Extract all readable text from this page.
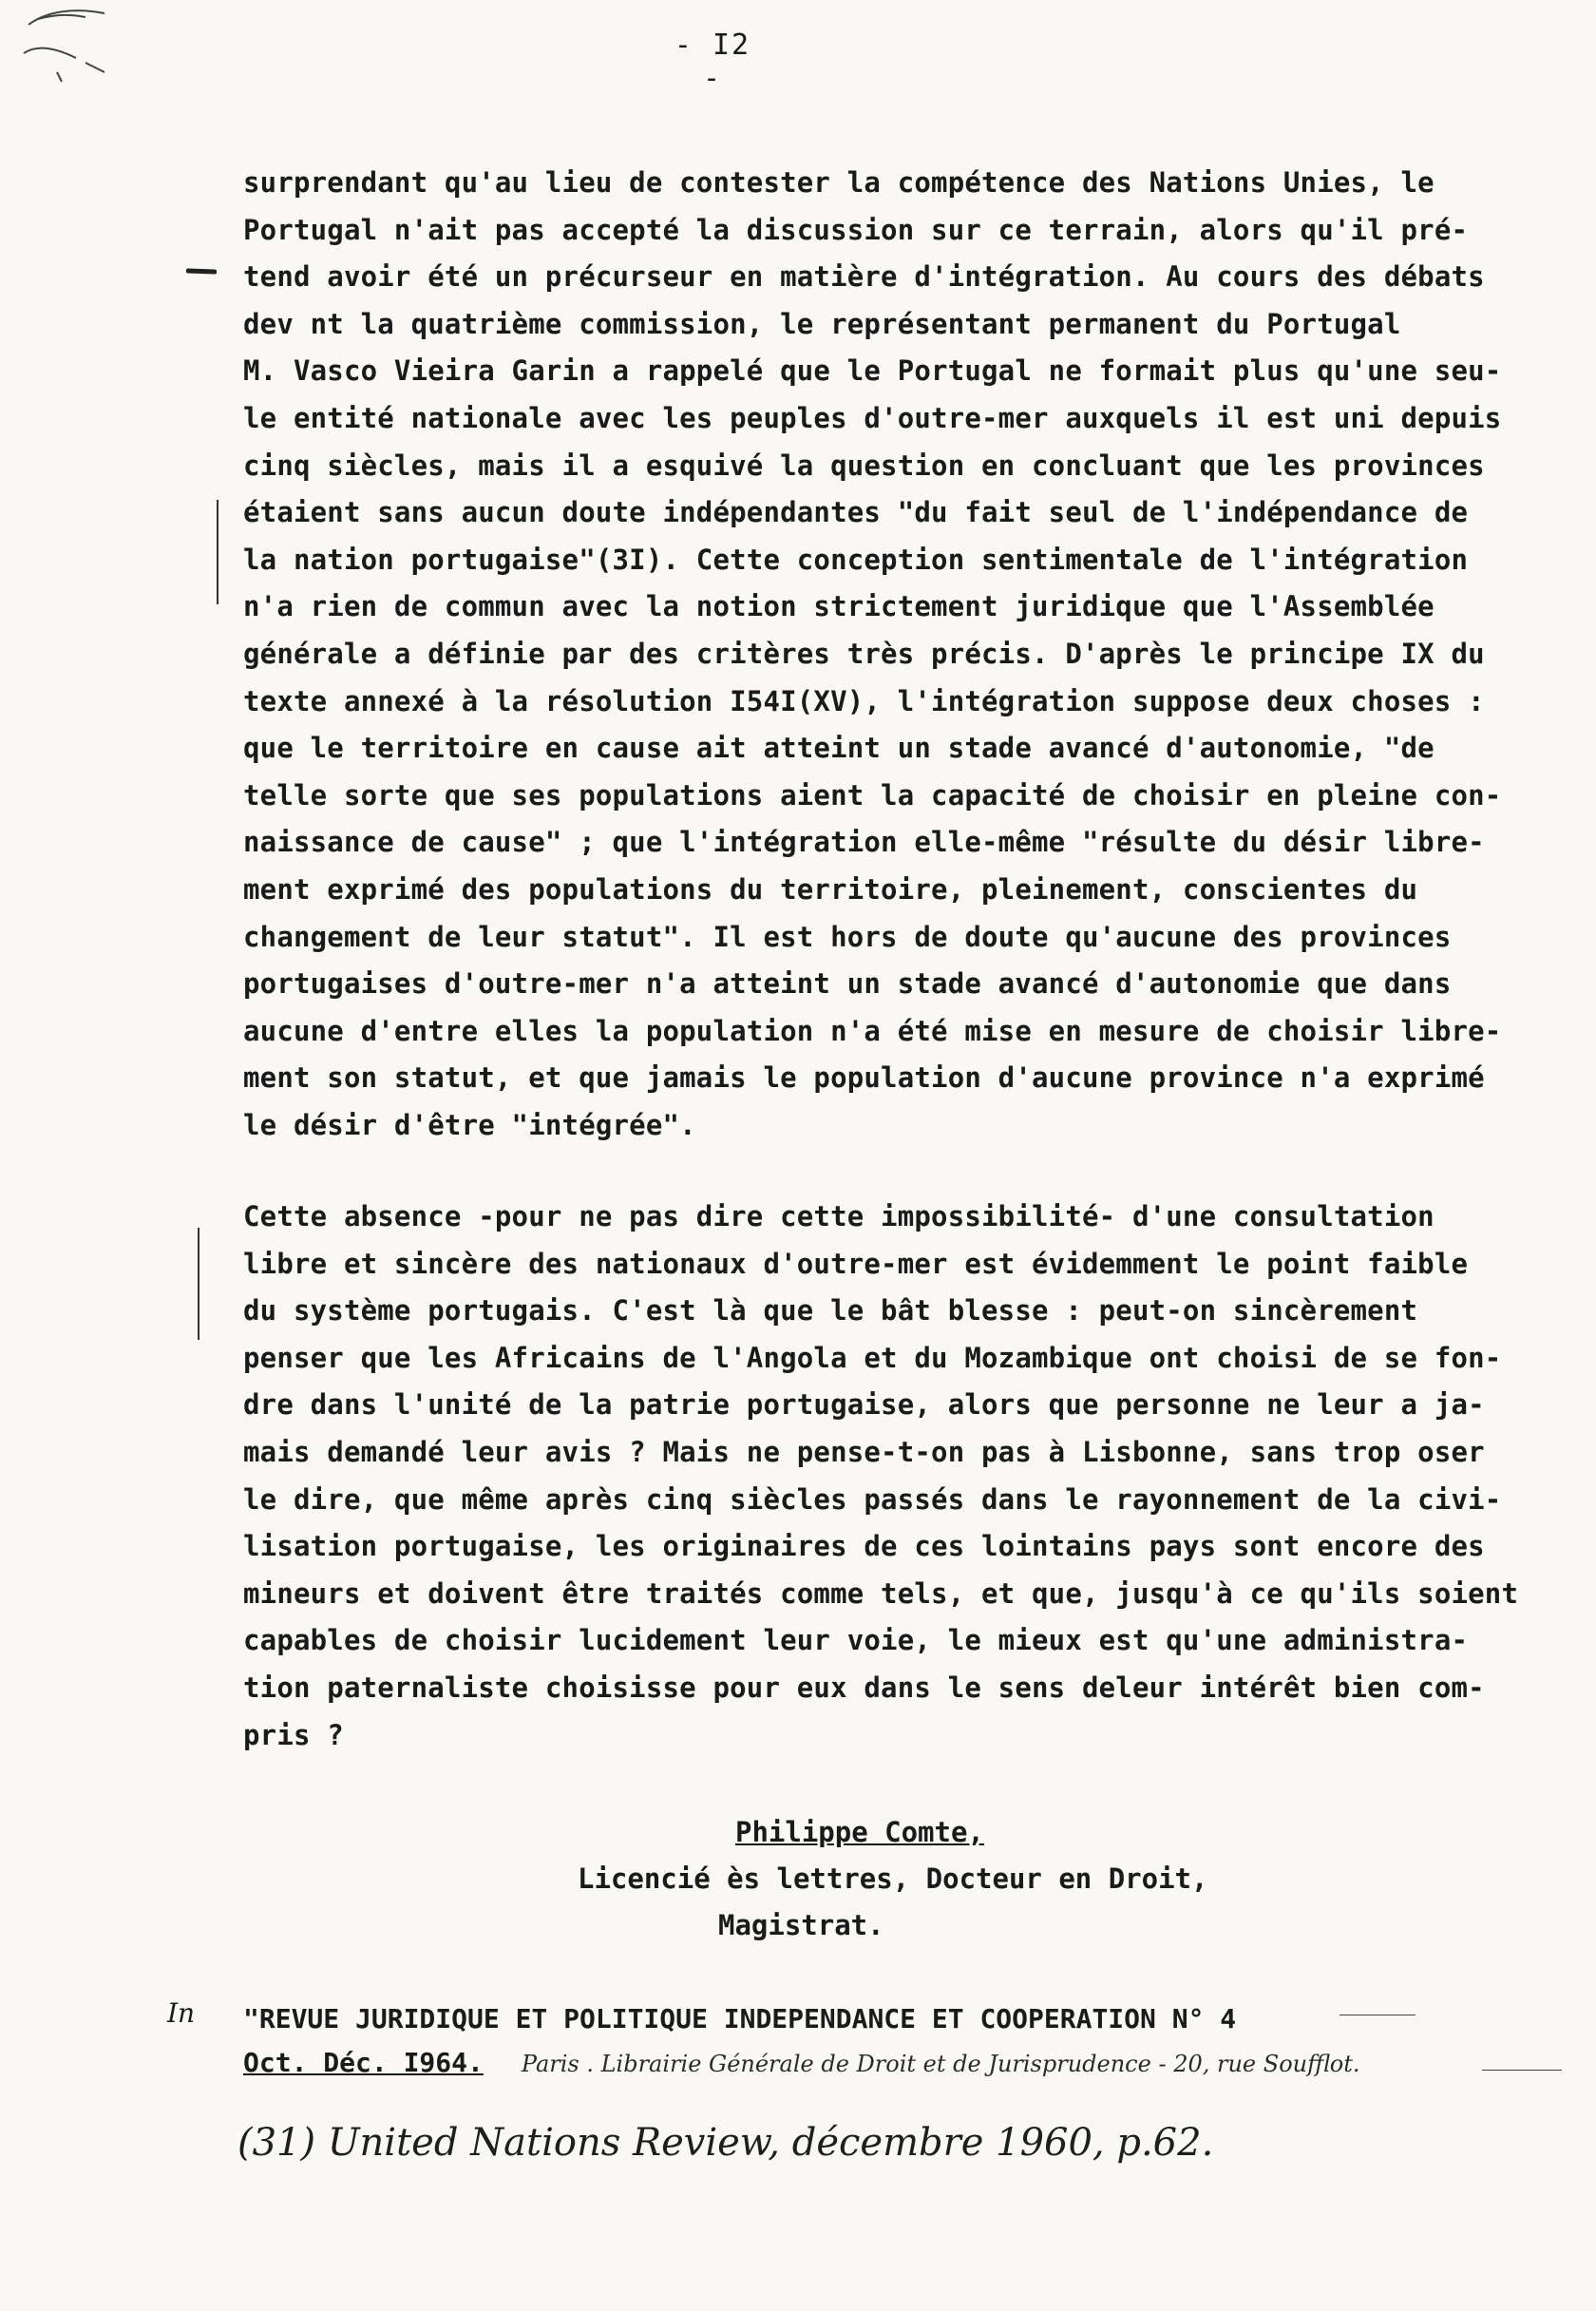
- I2 -
surprendant qu'au lieu de contester la compétence des Nations Unies, le
Portugal n'ait pas accepté la discussion sur ce terrain, alors qu'il pré-
tend avoir été un précurseur en matière d'intégration. Au cours des débats
dev nt la quatrième commission, le représentant permanent du Portugal
M. Vasco Vieira Garin a rappelé que le Portugal ne formait plus qu'une seu-
le entité nationale avec les peuples d'outre-mer auxquels il est uni depuis
cinq siècles, mais il a esquivé la question en concluant que les provinces
étaient sans aucun doute indépendantes "du fait seul de l'indépendance de
la nation portugaise"(3I). Cette conception sentimentale de l'intégration
n'a rien de commun avec la notion strictement juridique que l'Assemblée
générale a définie par des critères très précis. D'après le principe IX du
texte annexé à la résolution I54I(XV), l'intégration suppose deux choses :
que le territoire en cause ait atteint un stade avancé d'autonomie, "de
telle sorte que ses populations aient la capacité de choisir en pleine con-
naissance de cause" ; que l'intégration elle-même "résulte du désir libre-
ment exprimé des populations du territoire, pleinement, conscientes du
changement de leur statut". Il est hors de doute qu'aucune des provinces
portugaises d'outre-mer n'a atteint un stade avancé d'autonomie que dans
aucune d'entre elles la population n'a été mise en mesure de choisir libre-
ment son statut, et que jamais le population d'aucune province n'a exprimé
le désir d'être "intégrée".
Cette absence -pour ne pas dire cette impossibilité- d'une consultation
libre et sincère des nationaux d'outre-mer est évidemment le point faible
du système portugais. C'est là que le bât blesse : peut-on sincèrement
penser que les Africains de l'Angola et du Mozambique ont choisi de se fon-
dre dans l'unité de la patrie portugaise, alors que personne ne leur a ja-
mais demandé leur avis ? Mais ne pense-t-on pas à Lisbonne, sans trop oser
le dire, que même après cinq siècles passés dans le rayonnement de la civi-
lisation portugaise, les originaires de ces lointains pays sont encore des
mineurs et doivent être traités comme tels, et que, jusqu'à ce qu'ils soient
capables de choisir lucidement leur voie, le mieux est qu'une administra-
tion paternaliste choisisse pour eux dans le sens deleur intérêt bien com-
pris ?
Philippe Comte,
Licencié ès lettres, Docteur en Droit,
Magistrat.
In "REVUE JURIDIQUE ET POLITIQUE INDEPENDANCE ET COOPERATION N° 4
Oct. Déc. I964. Paris . Librairie Générale de Droit et de Jurisprudence - 20, rue Soufflot.
(31) United Nations Review, décembre 1960, p.62.
